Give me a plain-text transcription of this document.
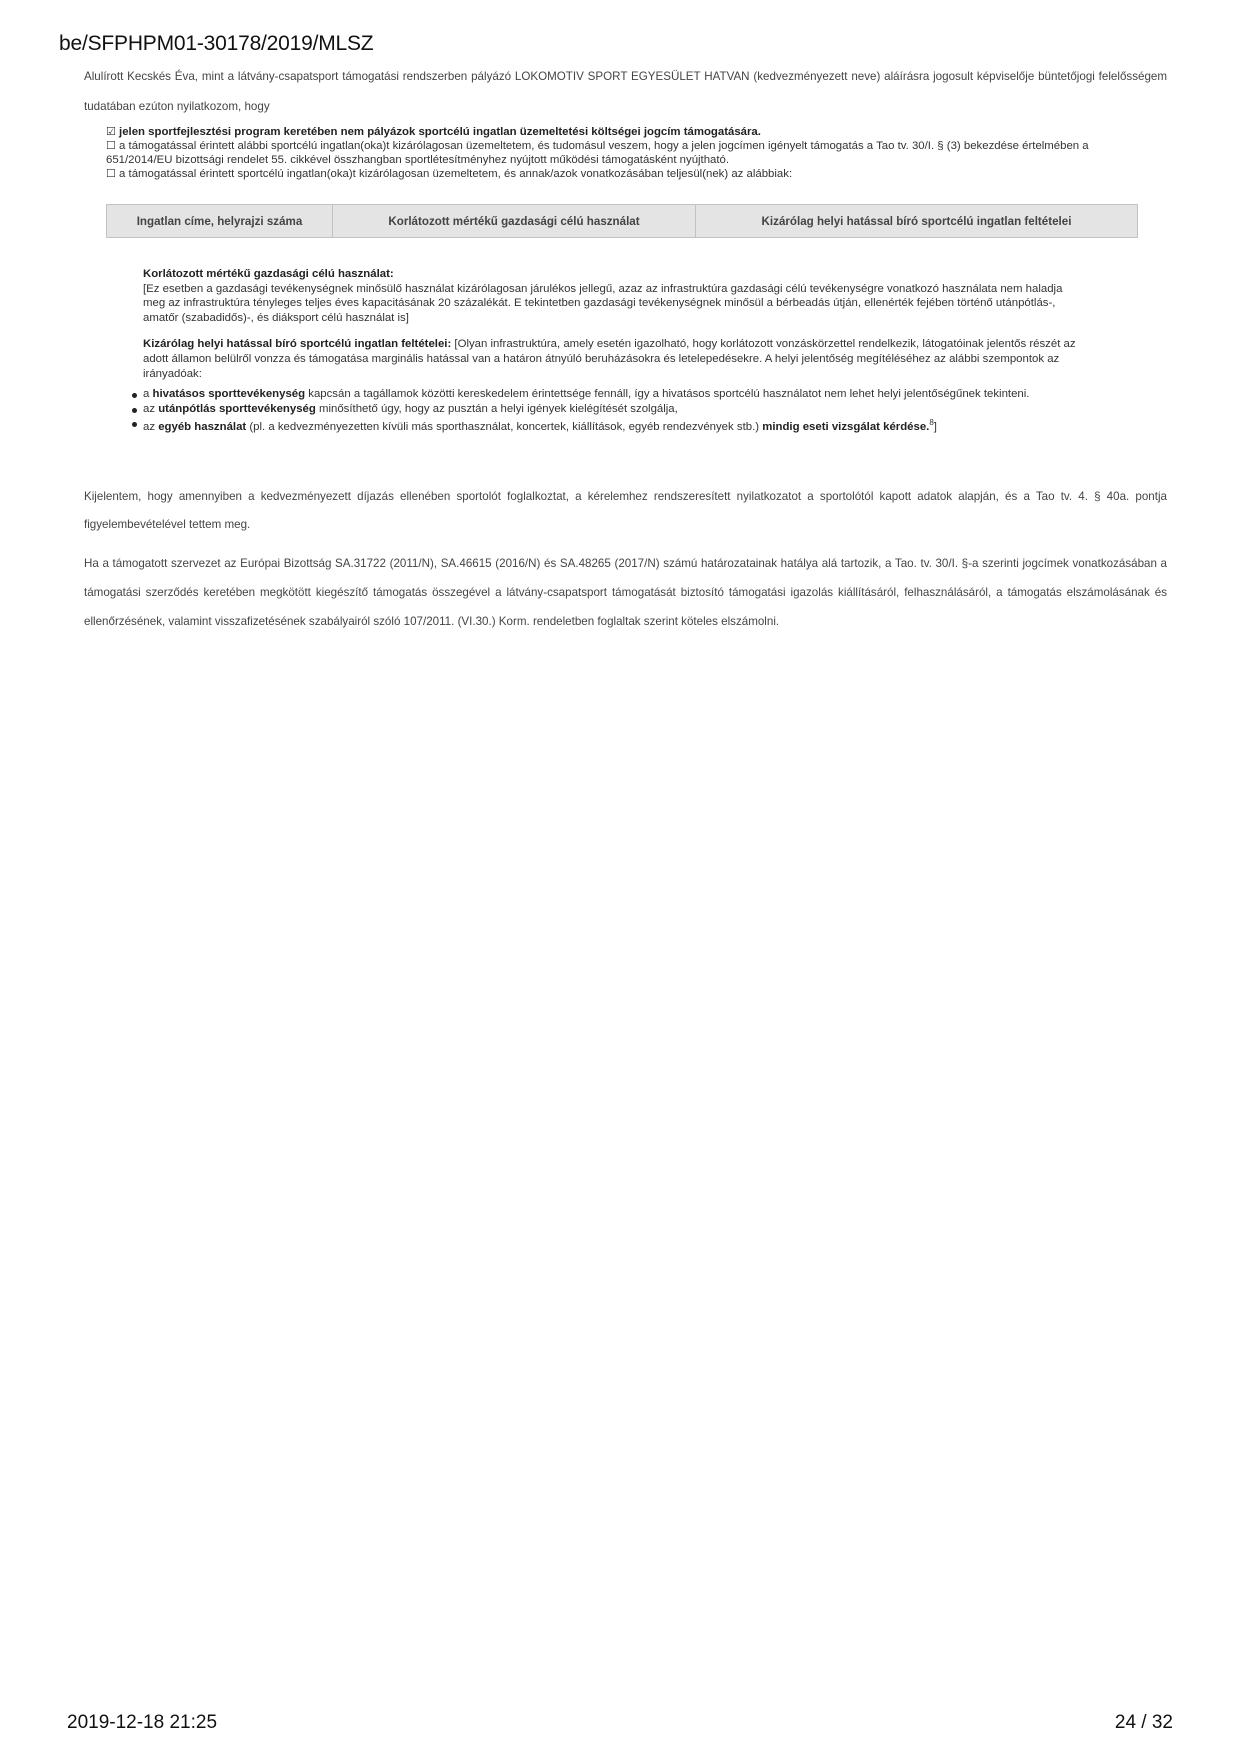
be/SFPHPM01-30178/2019/MLSZ
Alulírott Kecskés Éva, mint a látvány-csapatsport támogatási rendszerben pályázó LOKOMOTIV SPORT EGYESÜLET HATVAN (kedvezményezett neve) aláírásra jogosult képviselője büntetőjogi felelősségem tudatában ezúton nyilatkozom, hogy
☑ jelen sportfejlesztési program keretében nem pályázok sportcélú ingatlan üzemeltetési költségei jogcím támogatására.
☐ a támogatással érintett alábbi sportcélú ingatlan(oka)t kizárólagosan üzemeltetem, és tudomásul veszem, hogy a jelen jogcímen igényelt támogatás a Tao tv. 30/I. § (3) bekezdése értelmében a 651/2014/EU bizottsági rendelet 55. cikkével összhangban sportlétesítményhez nyújtott működési támogatásként nyújtható.
☐ a támogatással érintett sportcélú ingatlan(oka)t kizárólagosan üzemeltetem, és annak/azok vonatkozásában teljesül(nek) az alábbiak:
Ingatlan címe, helyrajzi száma	Korlátozott mértékű gazdasági célú használat	Kizárólag helyi hatással bíró sportcélú ingatlan feltételei

Korlátozott mértékű gazdasági célú használat:
[Ez esetben a gazdasági tevékenységnek minősülő használat kizárólagosan járulékos jellegű, azaz az infrastruktúra gazdasági célú tevékenységre vonatkozó használata nem haladja meg az infrastruktúra tényleges teljes éves kapacitásának 20 százalékát. E tekintetben gazdasági tevékenységnek minősül a bérbeadás útján, ellenérték fejében történő utánpótlás-, amatőr (szabadidős)-, és diáksport célú használat is]

Kizárólag helyi hatással bíró sportcélú ingatlan feltételei: [Olyan infrastruktúra, amely esetén igazolható, hogy korlátozott vonzáskörzettel rendelkezik, látogatóinak jelentős részét az adott államon belülről vonzza és támogatása marginális hatással van a határon átnyúló beruházásokra és letelepedésekre. A helyi jelentőség megítéléséhez az alábbi szempontok az irányadóak:

a hivatásos sporttevékenység kapcsán a tagállamok közötti kereskedelem érintettsége fennáll, így a hivatásos sportcélú használatot nem lehet helyi jelentőségűnek tekinteni.
az utánpótlás sporttevékenység minősíthető úgy, hogy az pusztán a helyi igények kielégítését szolgálja,
az egyéb használat (pl. a kedvezményezetten kívüli más sporthasználat, koncertek, kiállítások, egyéb rendezvények stb.) mindig eseti vizsgálat kérdése.$^8$]
Kijelentem, hogy amennyiben a kedvezményezett díjazás ellenében sportolót foglalkoztat, a kérelemhez rendszeresített nyilatkozatot a sportolótól kapott adatok alapján, és a Tao tv. 4. § 40a. pontja figyelembevételével tettem meg.
Ha a támogatott szervezet az Európai Bizottság SA.31722 (2011/N), SA.46615 (2016/N) és SA.48265 (2017/N) számú határozatainak hatálya alá tartozik, a Tao. tv. 30/I. §-a szerinti jogcímek vonatkozásában a támogatási szerződés keretében megkötött kiegészítő támogatás összegével a látvány-csapatsport támogatását biztosító támogatási igazolás kiállításáról, felhasználásáról, a támogatás elszámolásának és ellenőrzésének, valamint visszafizetésének szabályairól szóló 107/2011. (VI.30.) Korm. rendeletben foglaltak szerint köteles elszámolni.
2019-12-18 21:25	24 / 32
